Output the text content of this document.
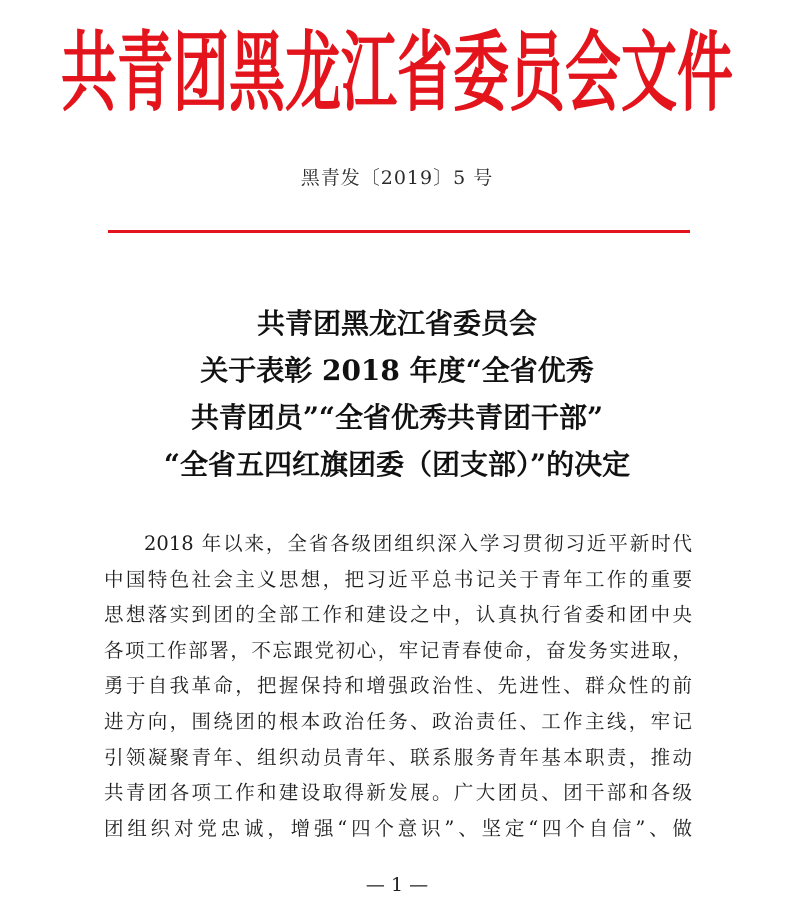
共青团黑龙江省委员会文件
黑青发〔2019〕5 号
共青团黑龙江省委员会
关于表彰 2018 年度“全省优秀
共青团员”“全省优秀共青团干部”
“全省五四红旗团委（团支部）”的决定
2018 年以来，全省各级团组织深入学习贯彻习近平新时代
中国特色社会主义思想，把习近平总书记关于青年工作的重要
思想落实到团的全部工作和建设之中，认真执行省委和团中央
各项工作部署，不忘跟党初心，牢记青春使命，奋发务实进取，
勇于自我革命，把握保持和增强政治性、先进性、群众性的前
进方向，围绕团的根本政治任务、政治责任、工作主线，牢记
引领凝聚青年、组织动员青年、联系服务青年基本职责，推动
共青团各项工作和建设取得新发展。广大团员、团干部和各级
团组织对党忠诚，增强“四个意识”、坚定“四个自信”、做
— 1 —
